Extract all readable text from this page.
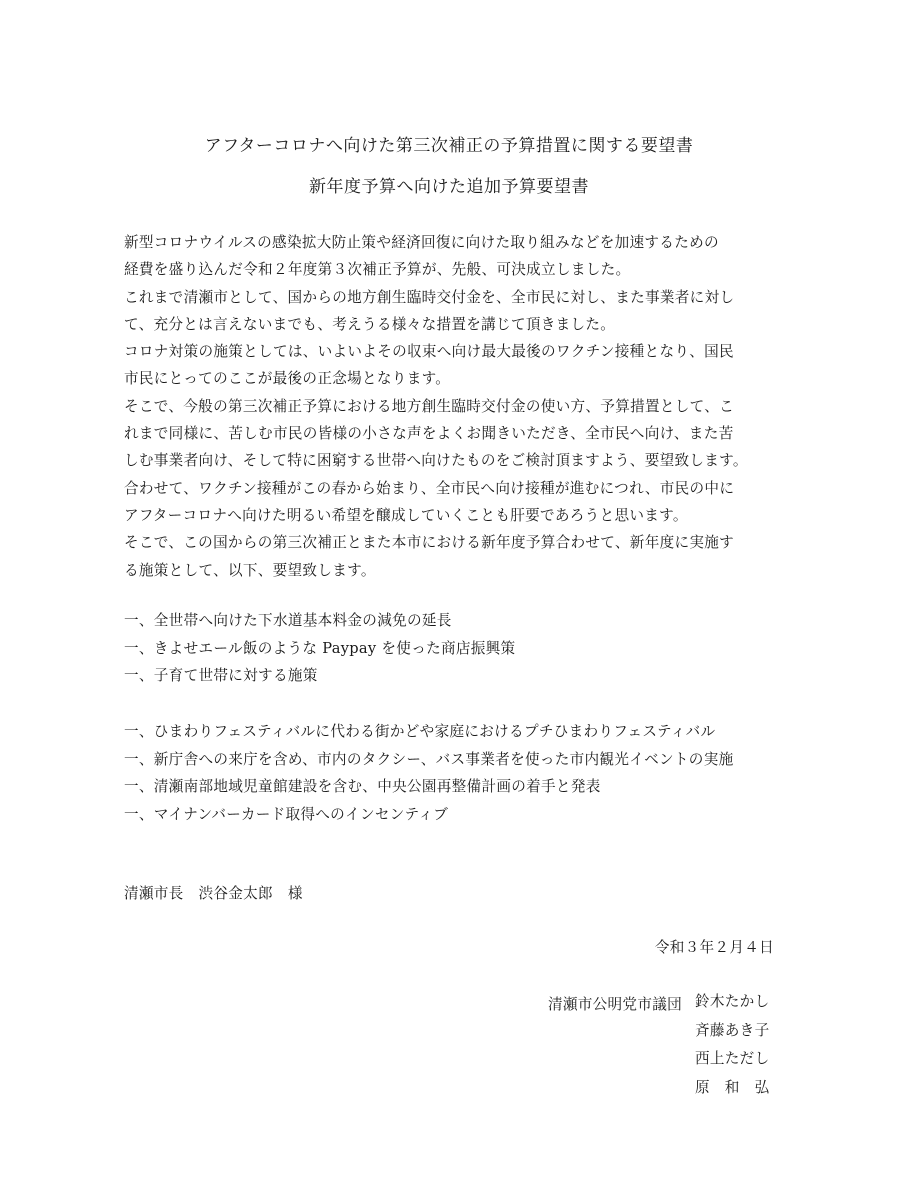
アフターコロナへ向けた第三次補正の予算措置に関する要望書
新年度予算へ向けた追加予算要望書
新型コロナウイルスの感染拡大防止策や経済回復に向けた取り組みなどを加速するための
経費を盛り込んだ令和２年度第３次補正予算が、先般、可決成立しました。
これまで清瀬市として、国からの地方創生臨時交付金を、全市民に対し、また事業者に対し
て、充分とは言えないまでも、考えうる様々な措置を講じて頂きました。
コロナ対策の施策としては、いよいよその収束へ向け最大最後のワクチン接種となり、国民
市民にとってのここが最後の正念場となります。
そこで、今般の第三次補正予算における地方創生臨時交付金の使い方、予算措置として、こ
れまで同様に、苦しむ市民の皆様の小さな声をよくお聞きいただき、全市民へ向け、また苦
しむ事業者向け、そして特に困窮する世帯へ向けたものをご検討頂ますよう、要望致します。
合わせて、ワクチン接種がこの春から始まり、全市民へ向け接種が進むにつれ、市民の中に
アフターコロナへ向けた明るい希望を醸成していくことも肝要であろうと思います。
そこで、この国からの第三次補正とまた本市における新年度予算合わせて、新年度に実施す
る施策として、以下、要望致します。
一、全世帯へ向けた下水道基本料金の減免の延長
一、きよせエール飯のような Paypay を使った商店振興策
一、子育て世帯に対する施策
一、ひまわりフェスティバルに代わる街かどや家庭におけるプチひまわりフェスティバル
一、新庁舎への来庁を含め、市内のタクシー、バス事業者を使った市内観光イベントの実施
一、清瀬南部地域児童館建設を含む、中央公園再整備計画の着手と発表
一、マイナンバーカード取得へのインセンティブ
清瀬市長　渋谷金太郎　様
令和３年２月４日
清瀬市公明党市議団 鈴木たかし
斉藤あき子
西上ただし
原　和　弘
